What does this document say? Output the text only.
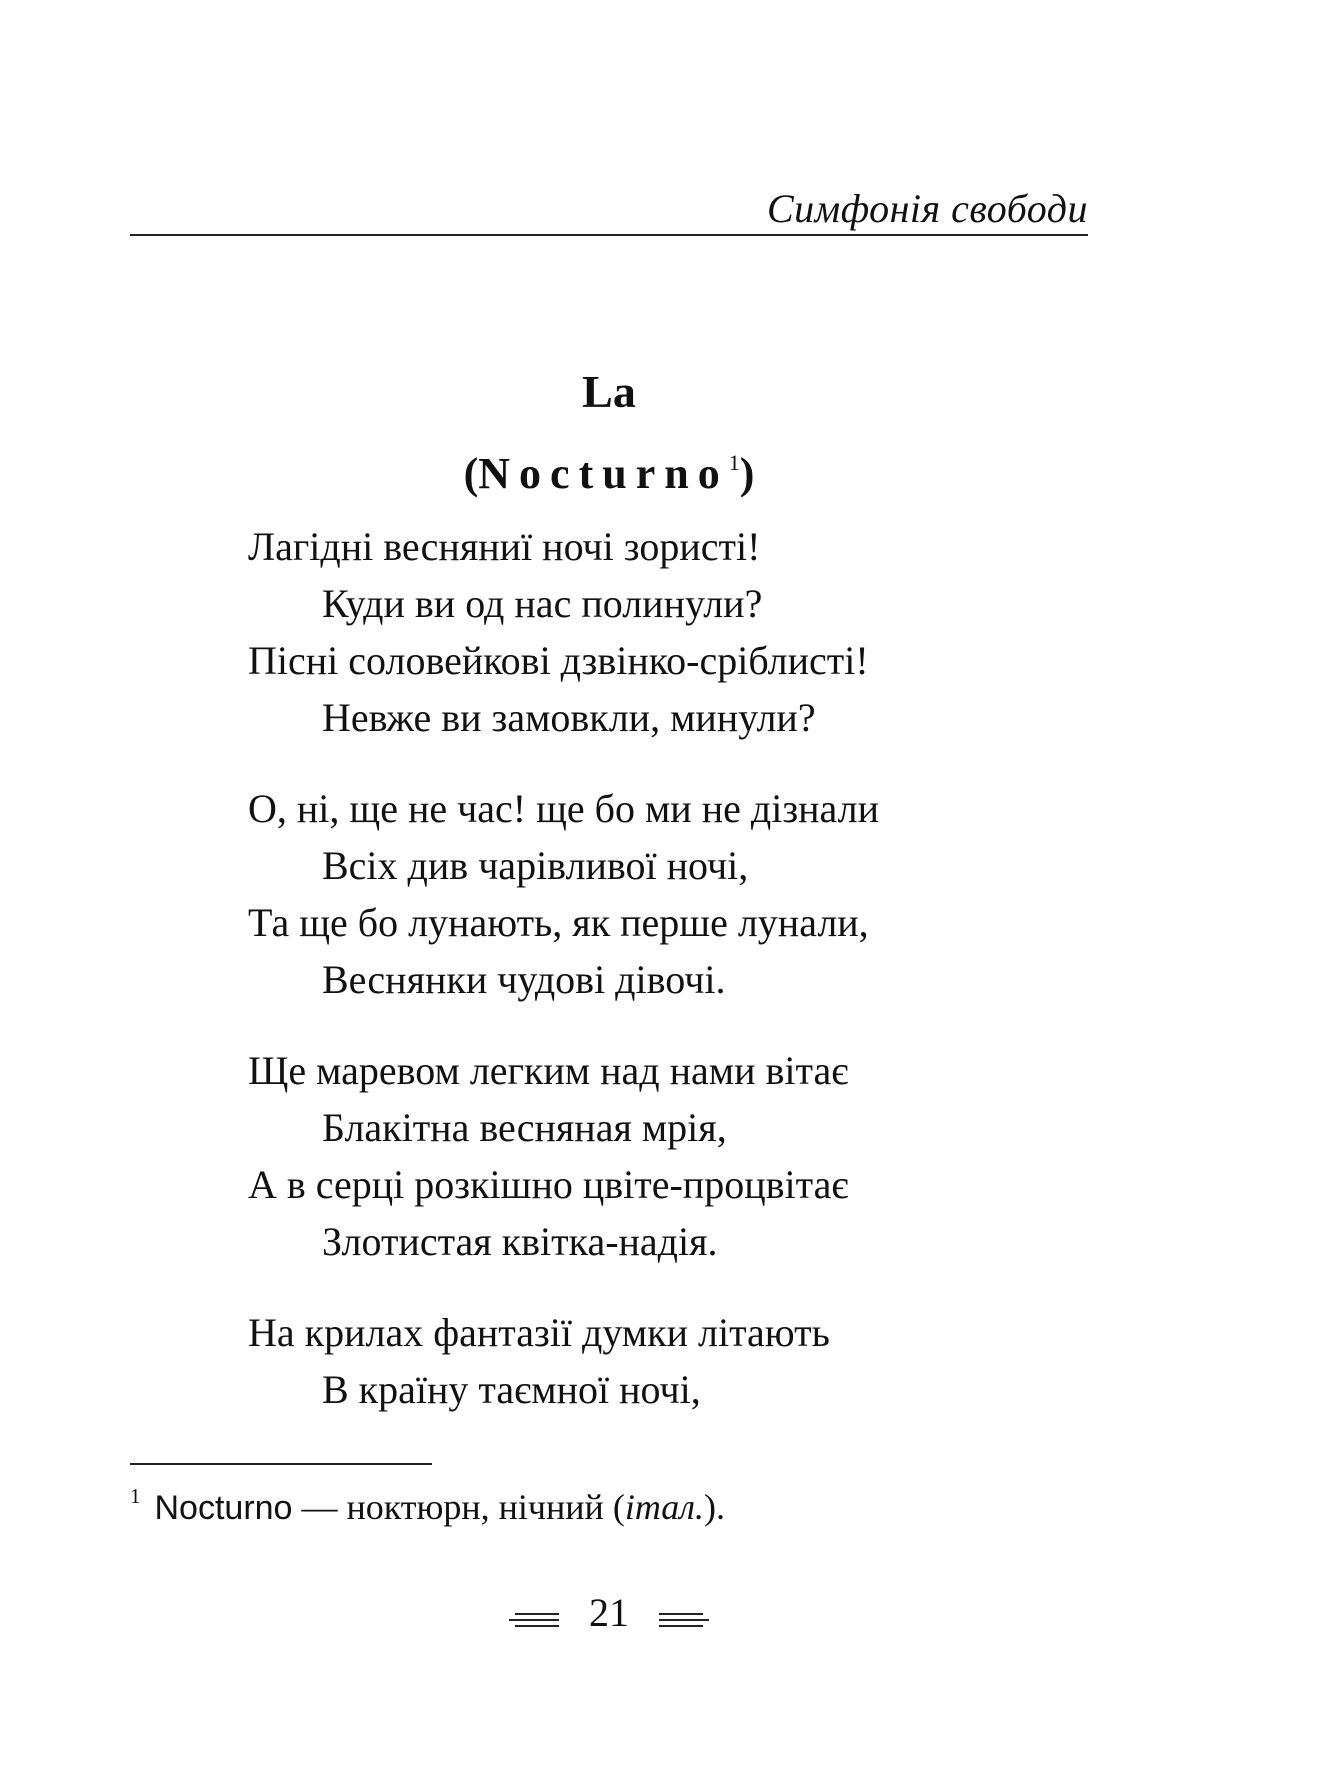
Симфонія свободи
La
(Nocturno$^1$)
Лагідні весняниї ночі зористі!
Куди ви од нас полинули?
Пісні соловейкові дзвінко-сріблисті!
Невже ви замовкли, минули?
О, ні, ще не час! ще бо ми не дізнали
Всіх див чарівливої ночі,
Та ще бо лунають, як перше лунали,
Веснянки чудові дівочі.
Ще маревом легким над нами вітає
Блакітна весняная мрія,
А в серці розкішно цвіте-процвітає
Злотистая квітка-надія.
На крилах фантазії думки літають
В країну таємної ночі,
$^1$ Nocturno — ноктюрн, нічний (італ.).
21
